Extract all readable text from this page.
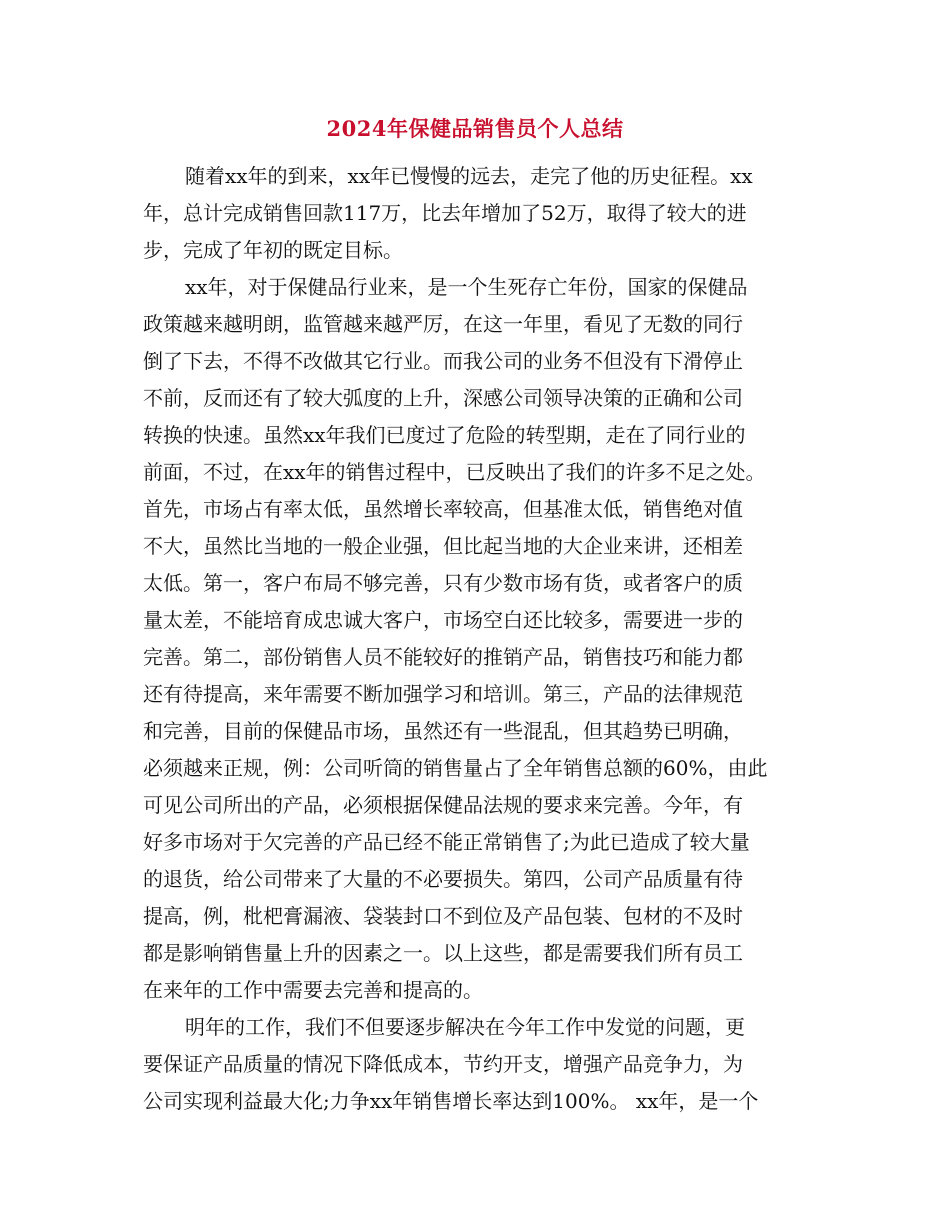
2024年保健品销售员个人总结
随着xx年的到来，xx年已慢慢的远去，走完了他的历史征程。xx
年，总计完成销售回款117万，比去年增加了52万，取得了较大的进
步，完成了年初的既定目标。
xx年，对于保健品行业来，是一个生死存亡年份，国家的保健品
政策越来越明朗，监管越来越严厉，在这一年里，看见了无数的同行
倒了下去，不得不改做其它行业。而我公司的业务不但没有下滑停止
不前，反而还有了较大弧度的上升，深感公司领导决策的正确和公司
转换的快速。虽然xx年我们已度过了危险的转型期，走在了同行业的
前面，不过，在xx年的销售过程中，已反映出了我们的许多不足之处。
首先，市场占有率太低，虽然增长率较高，但基准太低，销售绝对值
不大，虽然比当地的一般企业强，但比起当地的大企业来讲，还相差
太低。第一，客户布局不够完善，只有少数市场有货，或者客户的质
量太差，不能培育成忠诚大客户，市场空白还比较多，需要进一步的
完善。第二，部份销售人员不能较好的推销产品，销售技巧和能力都
还有待提高，来年需要不断加强学习和培训。第三，产品的法律规范
和完善，目前的保健品市场，虽然还有一些混乱，但其趋势已明确，
必须越来正规，例：公司听筒的销售量占了全年销售总额的60%，由此
可见公司所出的产品，必须根据保健品法规的要求来完善。今年，有
好多市场对于欠完善的产品已经不能正常销售了;为此已造成了较大量
的退货，给公司带来了大量的不必要损失。第四，公司产品质量有待
提高，例，枇杷膏漏液、袋装封口不到位及产品包装、包材的不及时
都是影响销售量上升的因素之一。以上这些，都是需要我们所有员工
在来年的工作中需要去完善和提高的。
明年的工作，我们不但要逐步解决在今年工作中发觉的问题，更
要保证产品质量的情况下降低成本，节约开支，增强产品竞争力，为
公司实现利益最大化;力争xx年销售增长率达到100%。 xx年，是一个
